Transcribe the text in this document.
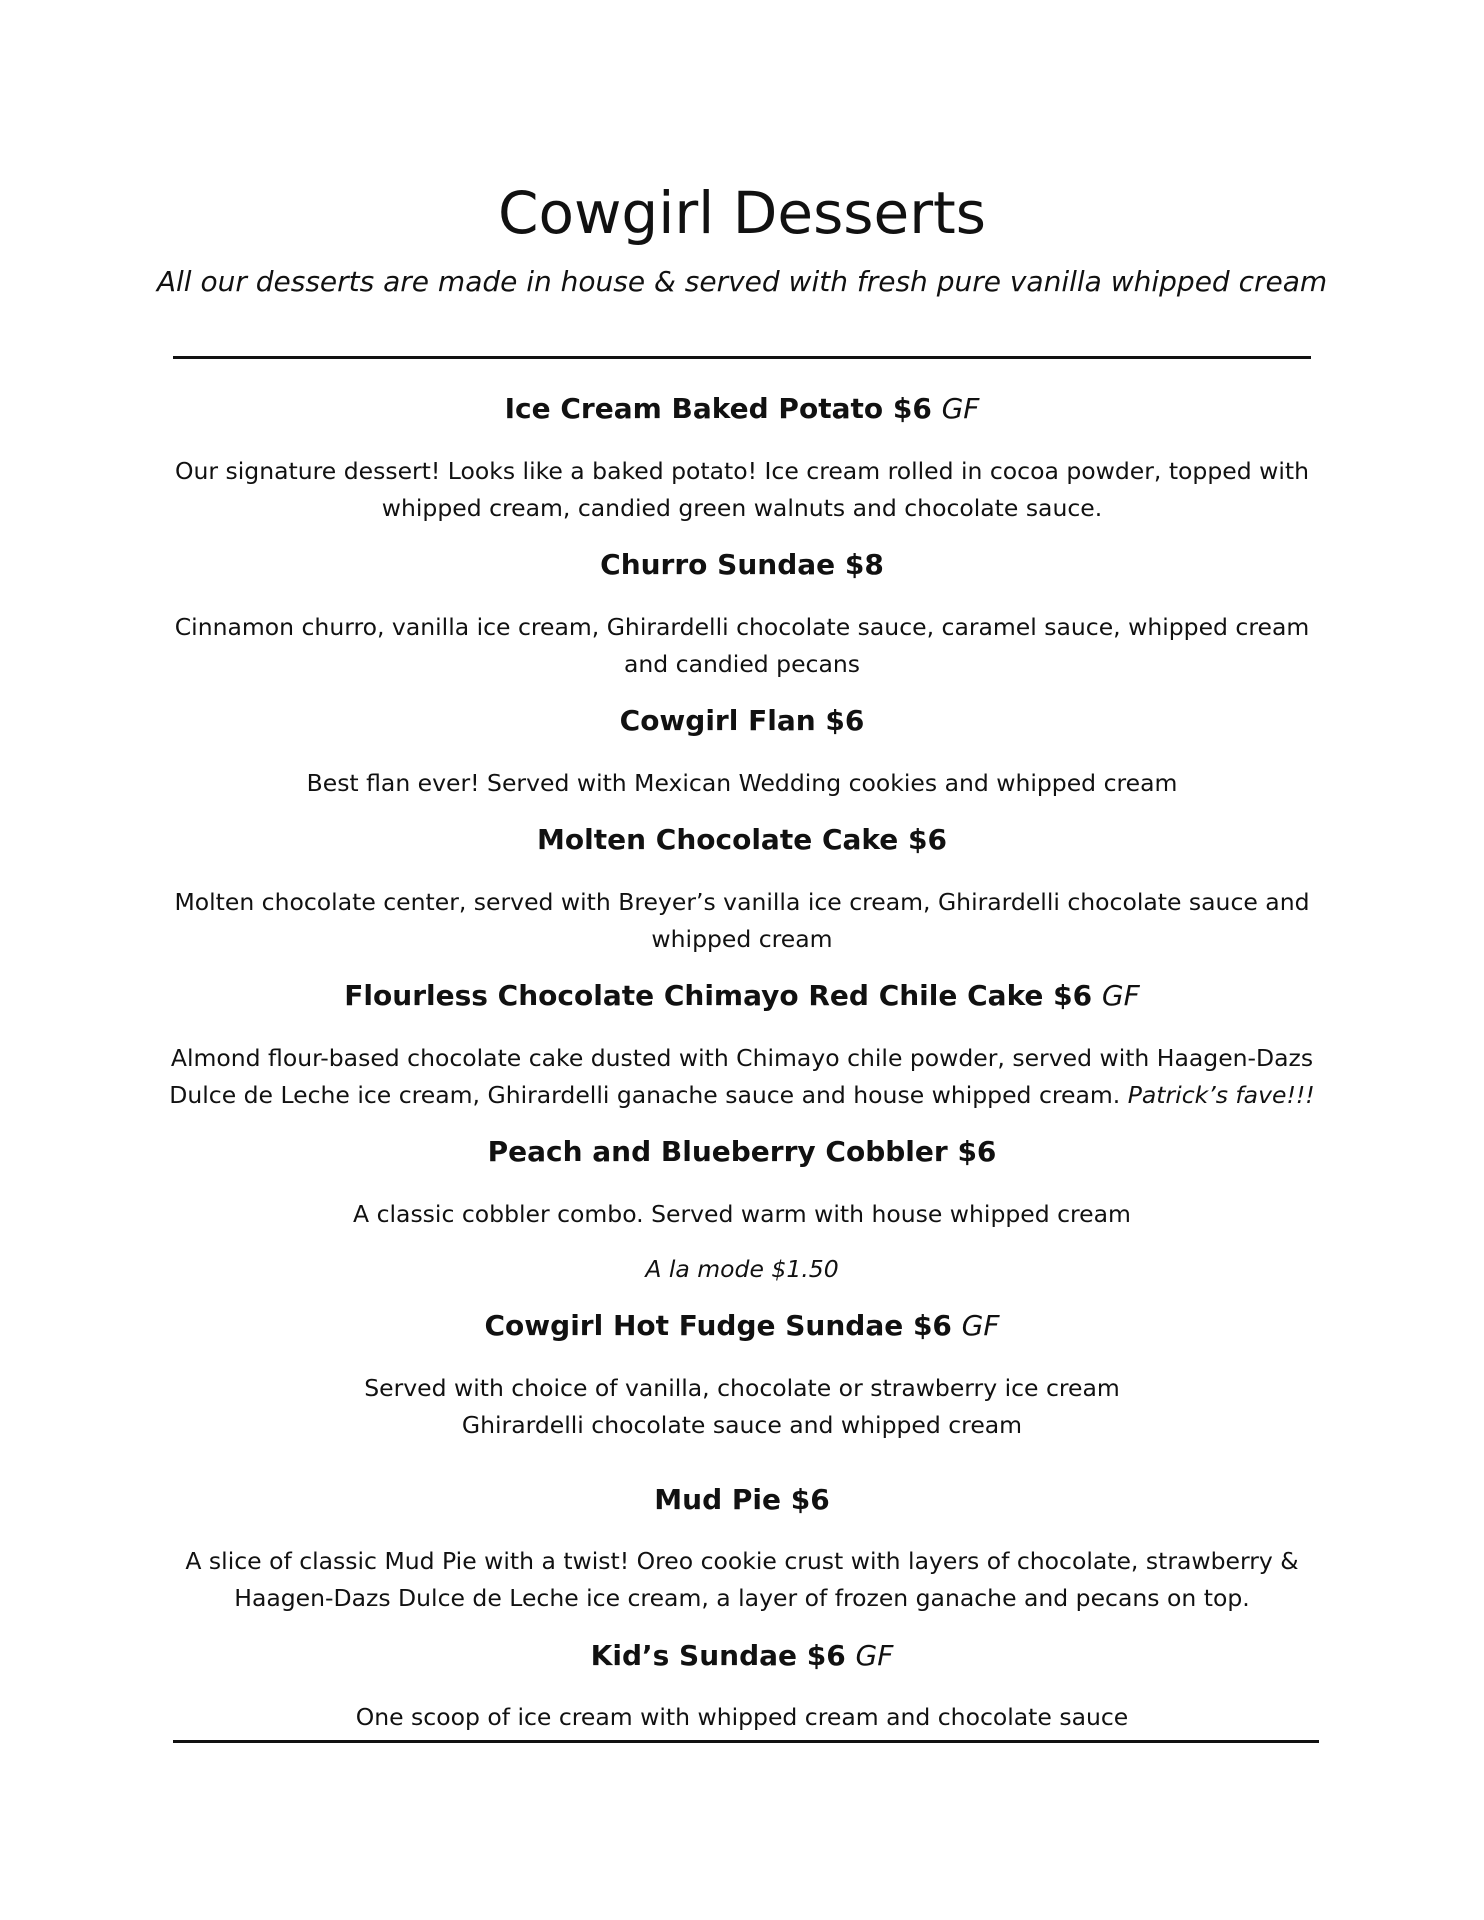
Cowgirl Desserts

All our desserts are made in house & served with fresh pure vanilla whipped cream

Ice Cream Baked Potato $6 GF

Our signature dessert! Looks like a baked potato! Ice cream rolled in cocoa powder, topped with whipped cream, candied green walnuts and chocolate sauce.

Churro Sundae $8

Cinnamon churro, vanilla ice cream, Ghirardelli chocolate sauce, caramel sauce, whipped cream and candied pecans

Cowgirl Flan $6

Best flan ever! Served with Mexican Wedding cookies and whipped cream

Molten Chocolate Cake $6

Molten chocolate center, served with Breyer’s vanilla ice cream, Ghirardelli chocolate sauce and whipped cream

Flourless Chocolate Chimayo Red Chile Cake $6 GF

Almond flour-based chocolate cake dusted with Chimayo chile powder, served with Haagen-Dazs Dulce de Leche ice cream, Ghirardelli ganache sauce and house whipped cream. Patrick’s fave!!!

Peach and Blueberry Cobbler $6

A classic cobbler combo. Served warm with house whipped cream

A la mode $1.50

Cowgirl Hot Fudge Sundae $6 GF

Served with choice of vanilla, chocolate or strawberry ice cream
Ghirardelli chocolate sauce and whipped cream

Mud Pie $6

A slice of classic Mud Pie with a twist! Oreo cookie crust with layers of chocolate, strawberry & Haagen-Dazs Dulce de Leche ice cream, a layer of frozen ganache and pecans on top.

Kid’s Sundae $6 GF

One scoop of ice cream with whipped cream and chocolate sauce
